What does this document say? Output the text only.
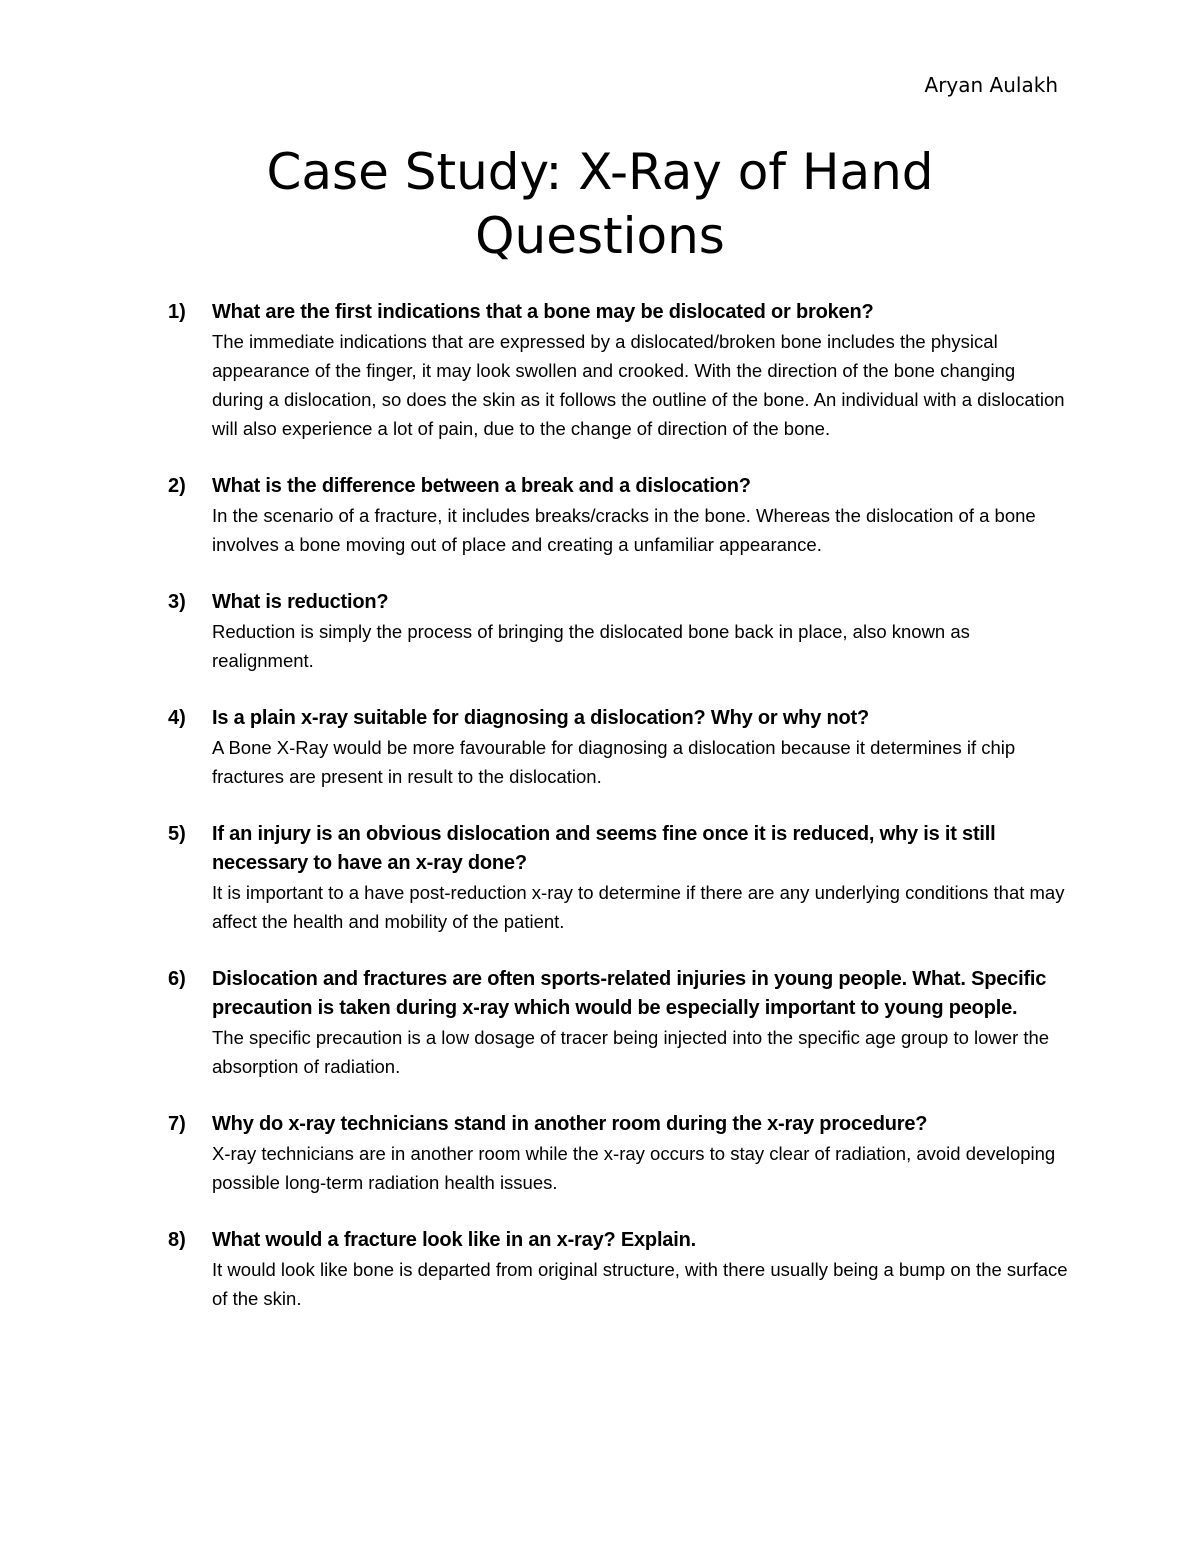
Aryan Aulakh
Case Study: X-Ray of Hand
Questions
1) What are the first indications that a bone may be dislocated or broken?
The immediate indications that are expressed by a dislocated/broken bone includes the physical appearance of the finger, it may look swollen and crooked. With the direction of the bone changing during a dislocation, so does the skin as it follows the outline of the bone. An individual with a dislocation will also experience a lot of pain, due to the change of direction of the bone.
2) What is the difference between a break and a dislocation?
In the scenario of a fracture, it includes breaks/cracks in the bone. Whereas the dislocation of a bone involves a bone moving out of place and creating a unfamiliar appearance.
3) What is reduction?
Reduction is simply the process of bringing the dislocated bone back in place, also known as realignment.
4) Is a plain x-ray suitable for diagnosing a dislocation? Why or why not?
A Bone X-Ray would be more favourable for diagnosing a dislocation because it determines if chip fractures are present in result to the dislocation.
5) If an injury is an obvious dislocation and seems fine once it is reduced, why is it still necessary to have an x-ray done?
It is important to a have post-reduction x-ray to determine if there are any underlying conditions that may affect the health and mobility of the patient.
6) Dislocation and fractures are often sports-related injuries in young people. What. Specific precaution is taken during x-ray which would be especially important to young people.
The specific precaution is a low dosage of tracer being injected into the specific age group to lower the absorption of radiation.
7) Why do x-ray technicians stand in another room during the x-ray procedure?
X-ray technicians are in another room while the x-ray occurs to stay clear of radiation, avoid developing possible long-term radiation health issues.
8) What would a fracture look like in an x-ray? Explain.
It would look like bone is departed from original structure, with there usually being a bump on the surface of the skin.
